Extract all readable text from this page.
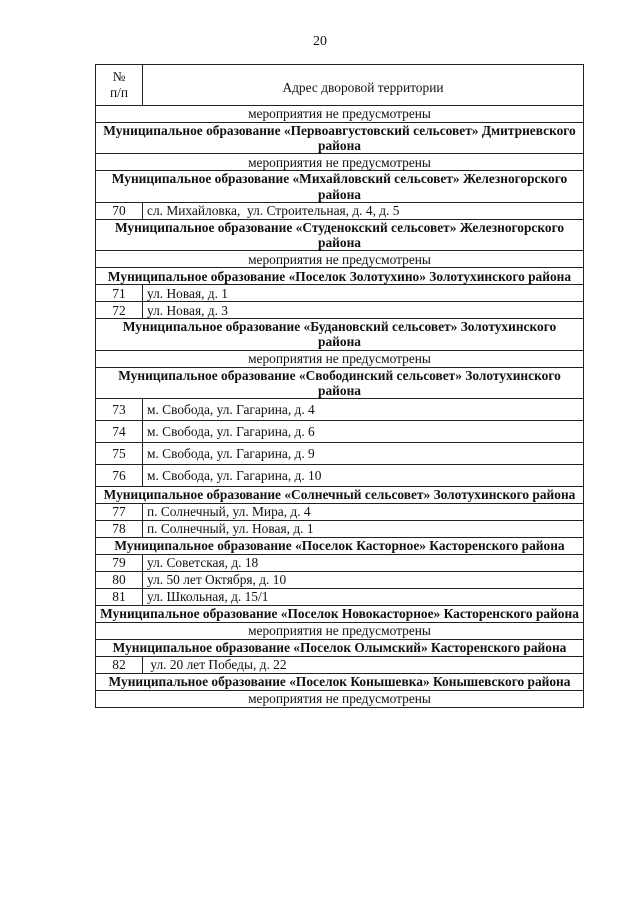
20
№
п/п	Адрес дворовой территории
мероприятия не предусмотрены	
Муниципальное образование «Первоавгустовский сельсовет» Дмитриевского района	
мероприятия не предусмотрены	
Муниципальное образование «Михайловский сельсовет» Железногорского района	
70	сл. Михайловка,  ул. Строительная, д. 4, д. 5
Муниципальное образование «Студенокский сельсовет» Железногорского района	
мероприятия не предусмотрены	
Муниципальное образование «Поселок Золотухино» Золотухинского района	
71	ул. Новая, д. 1
72	ул. Новая, д. 3
Муниципальное образование «Будановский сельсовет» Золотухинского района	
мероприятия не предусмотрены	
Муниципальное образование «Свободинский сельсовет» Золотухинского района	
73	м. Свобода, ул. Гагарина, д. 4
74	м. Свобода, ул. Гагарина, д. 6
75	м. Свобода, ул. Гагарина, д. 9
76	м. Свобода, ул. Гагарина, д. 10
Муниципальное образование «Солнечный сельсовет» Золотухинского района	
77	п. Солнечный, ул. Мира, д. 4
78	п. Солнечный, ул. Новая, д. 1
Муниципальное образование «Поселок Касторное» Касторенского района	
79	ул. Советская, д. 18
80	ул. 50 лет Октября, д. 10
81	ул. Школьная, д. 15/1
Муниципальное образование «Поселок Новокасторное» Касторенского района	
мероприятия не предусмотрены	
Муниципальное образование «Поселок Олымский» Касторенского района	
82	ул. 20 лет Победы, д. 22
Муниципальное образование «Поселок Конышевка» Конышевского района	
мероприятия не предусмотрены	
